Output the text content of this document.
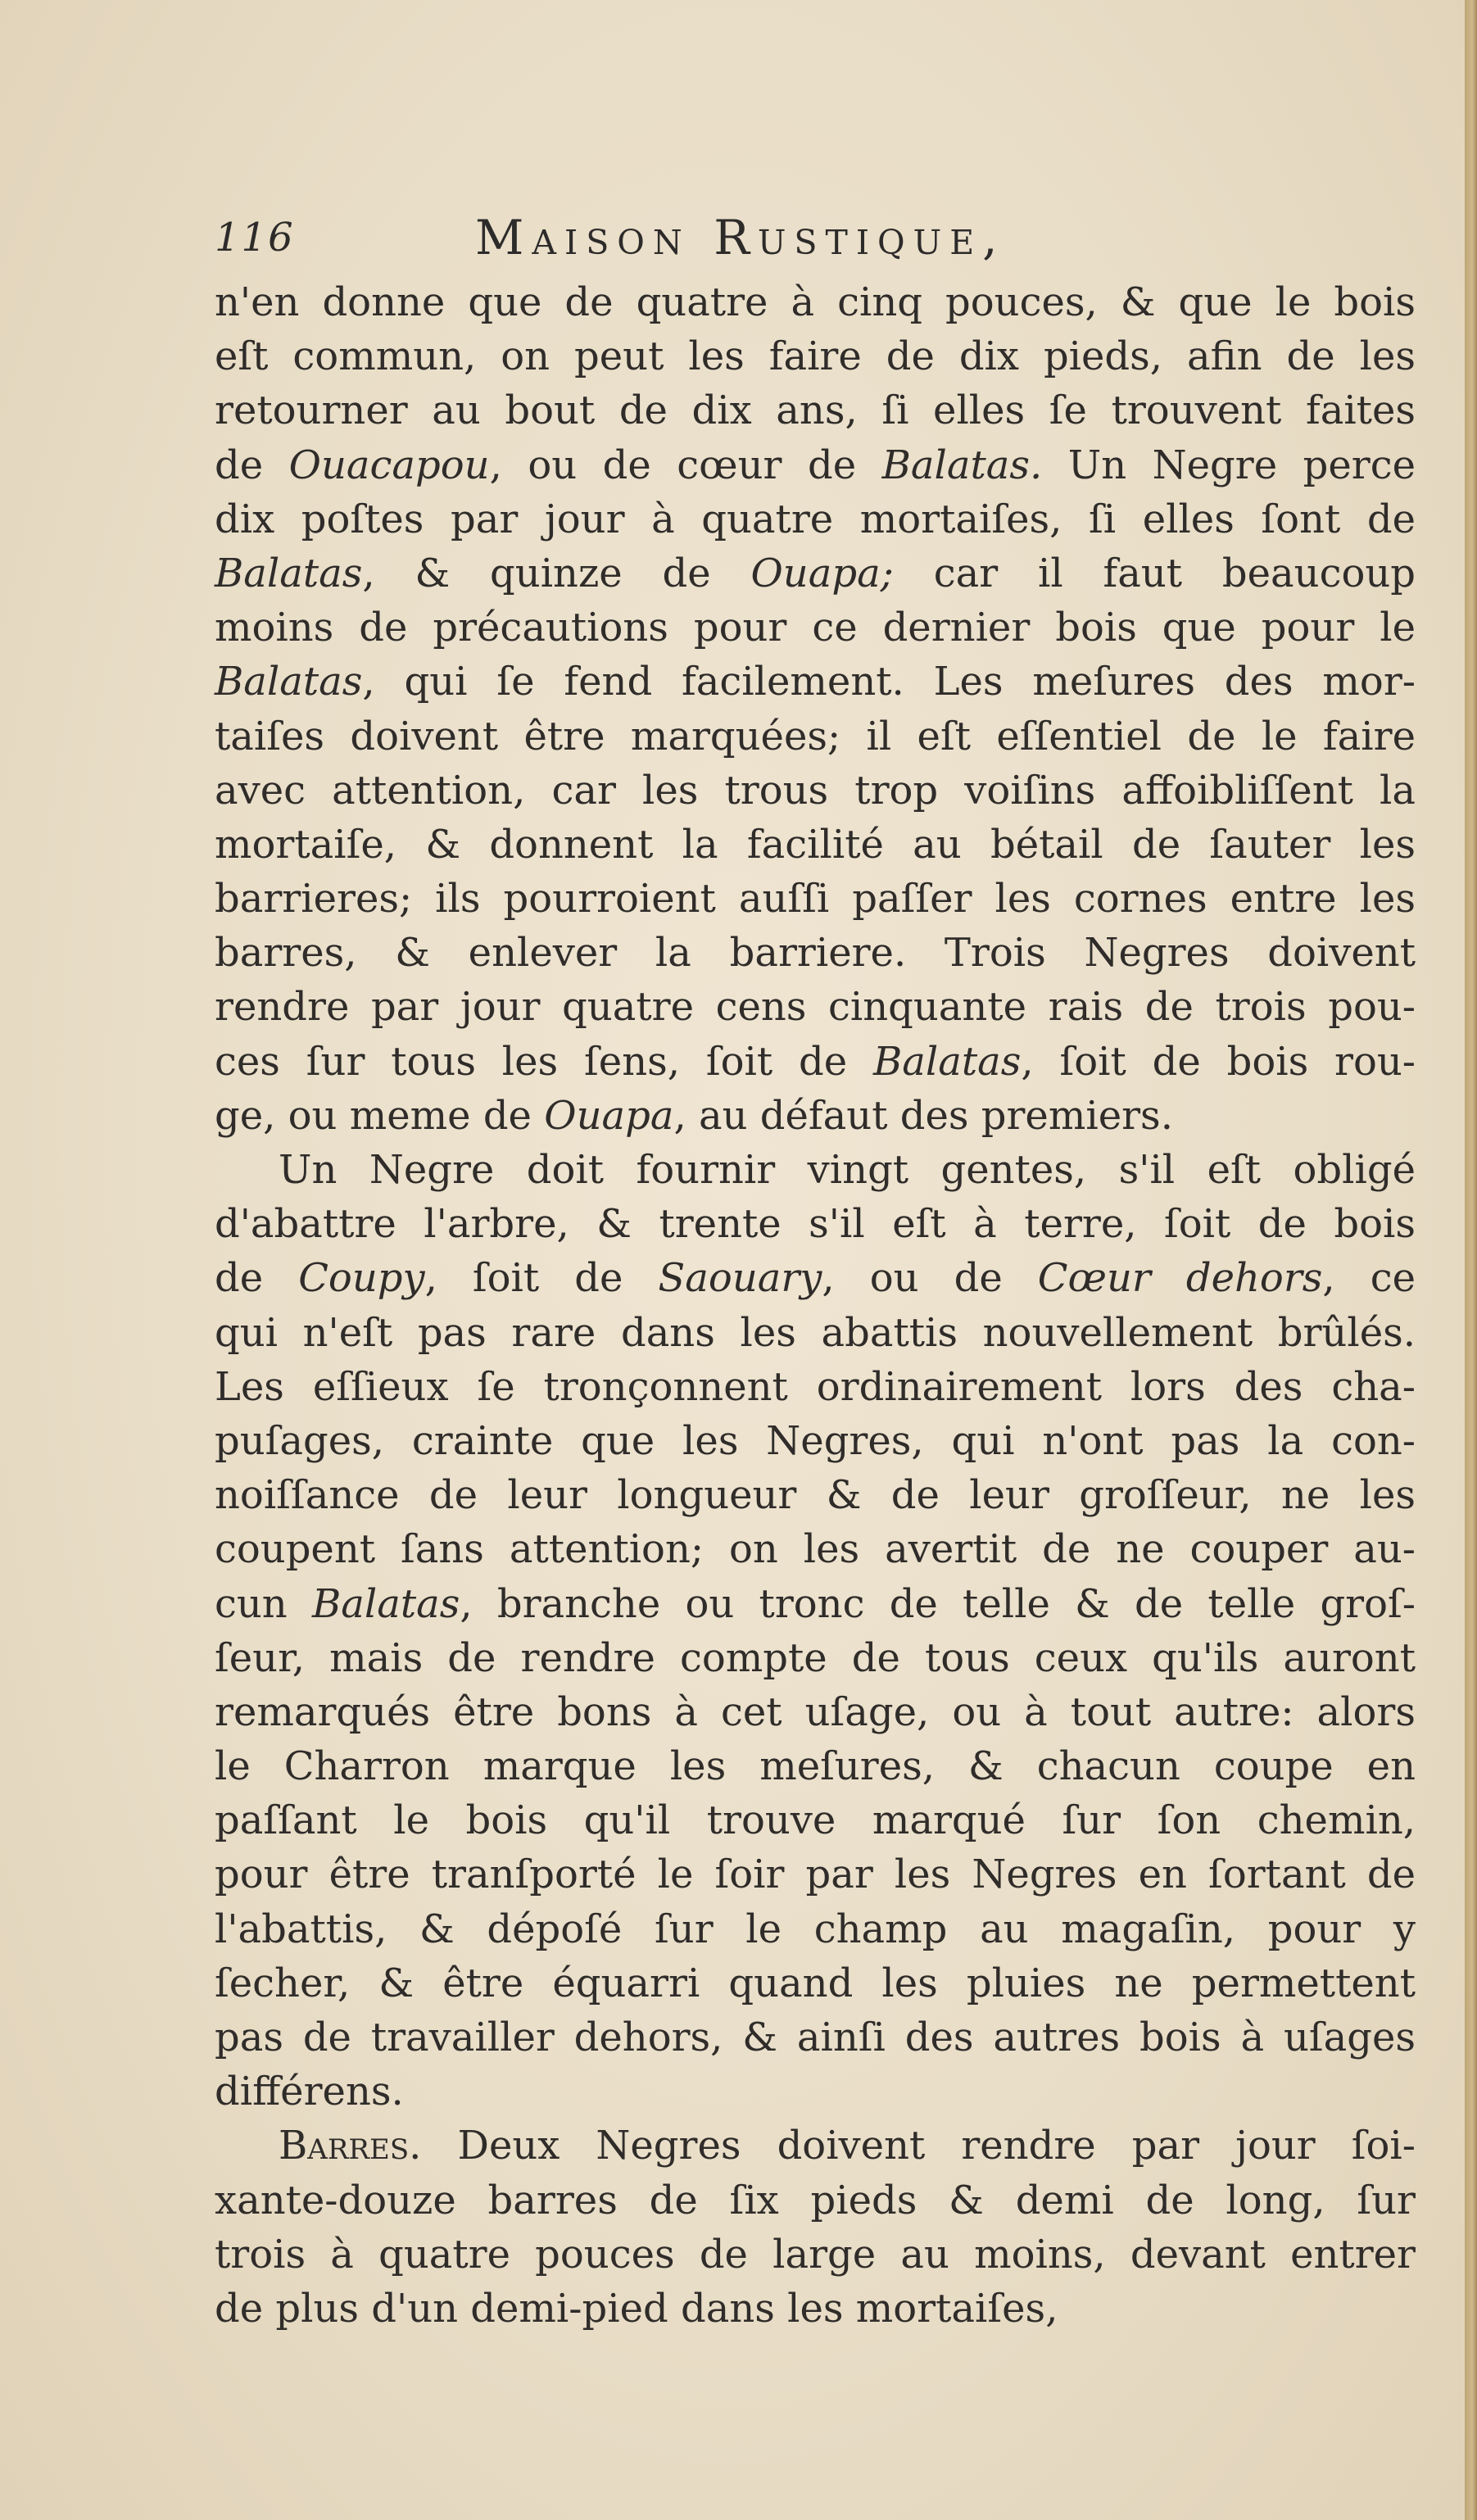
116	Maison Rustique,
n'en donne que de quatre à cinq pouces, & que le bois
eſt commun, on peut les faire de dix pieds, afin de les
retourner au bout de dix ans, ſi elles ſe trouvent faites
de Ouacapou, ou de cœur de Balatas. Un Negre perce
dix poſtes par jour à quatre mortaiſes, ſi elles ſont de
Balatas, & quinze de Ouapa; car il faut beaucoup
moins de précautions pour ce dernier bois que pour le
Balatas, qui ſe fend facilement. Les meſures des mor-
taiſes doivent être marquées; il eſt eſſentiel de le faire
avec attention, car les trous trop voiſins affoibliſſent la
mortaiſe, & donnent la facilité au bétail de ſauter les
barrieres; ils pourroient auſſi paſſer les cornes entre les
barres, & enlever la barriere. Trois Negres doivent
rendre par jour quatre cens cinquante rais de trois pou-
ces ſur tous les ſens, ſoit de Balatas, ſoit de bois rou-
ge, ou meme de Ouapa, au défaut des premiers.
Un Negre doit fournir vingt gentes, s'il eſt obligé
d'abattre l'arbre, & trente s'il eſt à terre, ſoit de bois
de Coupy, ſoit de Saouary, ou de Cœur dehors, ce
qui n'eſt pas rare dans les abattis nouvellement brûlés.
Les eſſieux ſe tronçonnent ordinairement lors des cha-
puſages, crainte que les Negres, qui n'ont pas la con-
noiſſance de leur longueur & de leur groſſeur, ne les
coupent ſans attention; on les avertit de ne couper au-
cun Balatas, branche ou tronc de telle & de telle groſ-
ſeur, mais de rendre compte de tous ceux qu'ils auront
remarqués être bons à cet uſage, ou à tout autre: alors
le Charron marque les meſures, & chacun coupe en
paſſant le bois qu'il trouve marqué ſur ſon chemin,
pour être tranſporté le ſoir par les Negres en ſortant de
l'abattis, & dépoſé ſur le champ au magaſin, pour y
ſecher, & être équarri quand les pluies ne permettent
pas de travailler dehors, & ainſi des autres bois à uſages
différens.
Barres. Deux Negres doivent rendre par jour ſoi-
xante-douze barres de ſix pieds & demi de long, ſur
trois à quatre pouces de large au moins, devant entrer
de plus d'un demi-pied dans les mortaiſes,
